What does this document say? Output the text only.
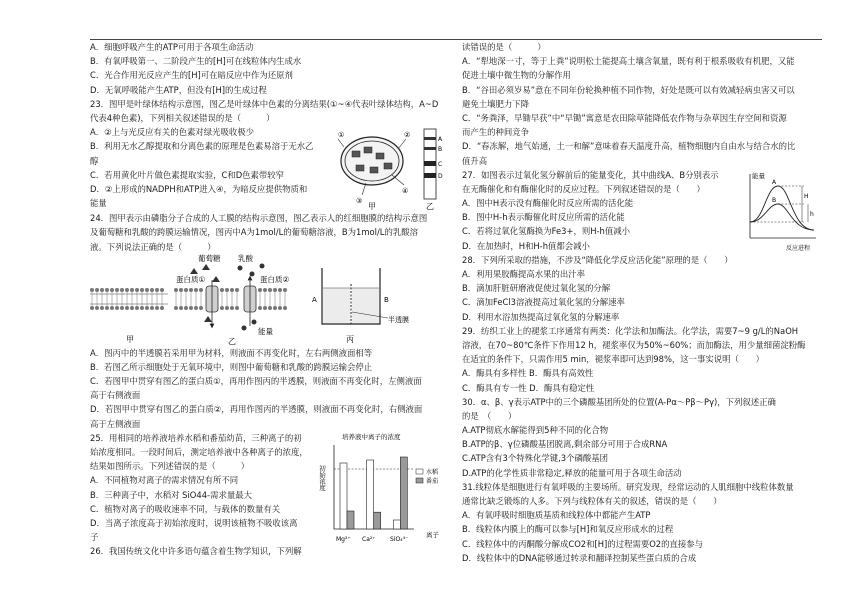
A．细胞呼吸产生的ATP可用于各项生命活动
B．有氧呼吸第一、二阶段产生的[H]可在线粒体内生成水
C．光合作用光反应产生的[H]可在暗反应中作为还原剂
D．无氧呼吸能产生ATP，但没有[H]的生成过程
23．图甲是叶绿体结构示意图，图乙是叶绿体中色素的分离结果(①~④代表叶绿体结构，A~D
代表4种色素)，下列相关叙述错误的是（　　　）
A．②上与光反应有关的色素对绿光吸收极少
B．利用无水乙醇提取和分离色素的原理是色素易溶于无水乙
醇
C．若用黄化叶片做色素提取实验，C和D色素带较窄
D．②上形成的NADPH和ATP进入④，为暗反应提供物质和
能量
①	②
③
④
甲
A
B
C
D
乙
24．图甲表示由磷脂分子合成的人工膜的结构示意图，图乙表示人的红细胞膜的结构示意图
及葡萄糖和乳酸的跨膜运输情况，图丙中A为1mol/L的葡萄糖溶液，B为1mol/L的乳酸溶
液。下列说法正确的是（　　　）
甲
葡萄糖 乳酸
蛋白质①	蛋白质②
能量
乙
A	B
半透膜
丙
A．图丙中的半透膜若采用甲为材料，则液面不再变化时，左右两侧液面相等
B．若图乙所示细胞处于无氧环境中，则图中葡萄糖和乳酸的跨膜运输会停止
C．若图甲中贯穿有图乙的蛋白质①，再用作图丙的半透膜，则液面不再变化时，左侧液面
高于右侧液面
D．若图甲中贯穿有图乙的蛋白质②，再用作图丙的半透膜，则液面不再变化时，右侧液面
高于左侧液面
25．用相同的培养液培养水稻和番茄幼苗，三种离子的初
始浓度相同。一段时间后，测定培养液中各种离子的浓度，
结果如图所示。下列述错误的是（　　　）
A．不同植物对离子的需求情况有所不同
B．三种离子中，水稻对 SiO44-需求量最大
C．植物对离子的吸收速率不同，与载体的数量有关
D．当离子浓度高于初始浓度时，说明该植物不吸收该离
子
培养液中离子的浓度
初始浓度
离子
Mg²⁺ Ca²⁺ SiO₄⁴⁻
水稻
番茄
26．我国传统文化中许多语句蕴含着生物学知识，下列解
读错误的是（　　　）
A．“犁地深一寸，等于上粪”说明松土能提高土壤含氧量，既有利于根系吸收有机肥，又能
促进土壤中微生物的分解作用
B．“谷田必须岁易”意在不同年份轮换种植不同作物，好处是既可以有效减轻病虫害又可以
避免土壤肥力下降
C．“务粪泽，早锄早获”中“早锄”寓意是农田除草能降低农作物与杂草因生存空间和资源
而产生的种间竞争
D．“春冻解，地气始通，土一和解”意味着春天温度升高，植物细胞内自由水与结合水的比
值升高
27．如图表示过氧化氢分解前后的能量变化，其中曲线A、B分别表示
在无酶催化和有酶催化时的反应过程。下列叙述错误的是（　　）
A．图中H表示没有酶催化时反应所需的活化能
B．图中H-h表示酶催化时反应所需的活化能
C．若将过氧化氢酶换为Fe3+，则H-h值减小
D．在加热时，H和H-h值都会减小
能量
A
B
H
h
反应进程
28．下列所采取的措施，不涉及“降低化学反应活化能”原理的是（　　）
A．利用果胶酶提高水果的出汁率
B．滴加肝脏研磨液促使过氧化氢的分解
C．滴加FeCl3溶液提高过氧化氢的分解速率
D．利用水浴加热提高过氧化氢的分解速率
29．纺织工业上的褪浆工序通常有两类：化学法和加酶法。化学法，需要7~9 g/L的NaOH
溶液，在70~80℃条件下作用12 h，褪浆率仅为50%~60%；而加酶法，用少量细菌淀粉酶
在适宜的条件下，只需作用5 min，褪浆率即可达到98%，这一事实说明（　　）
A．酶具有多样性 B．酶具有高效性
C．酶具有专一性 D．酶具有稳定性
30．α、β、γ表示ATP中的三个磷酸基团所处的位置(A-Pα～Pβ～Pγ)，下列叙述正确
的是　（　　）
A.ATP彻底水解能得到5种不同的化合物
B.ATP的β、γ位磷酸基团脱离,剩余部分可用于合成RNA
C.ATP含有3个特殊化学键,3个磷酸基团
D.ATP的化学性质非常稳定,释放的能量可用于各项生命活动
31.线粒体是细胞进行有氧呼吸的主要场所。研究发现，经常运动的人肌细胞中线粒体数量
通常比缺乏锻炼的人多。下列与线粒体有关的叙述，错误的是（　　）
A．有氧呼吸时细胞质基质和线粒体中都能产生ATP
B．线粒体内膜上的酶可以参与[H]和氧反应形成水的过程
C．线粒体中的丙酮酸分解成CO2和[H]的过程需要O2的直接参与
D．线粒体中的DNA能够通过转录和翻译控制某些蛋白质的合成
